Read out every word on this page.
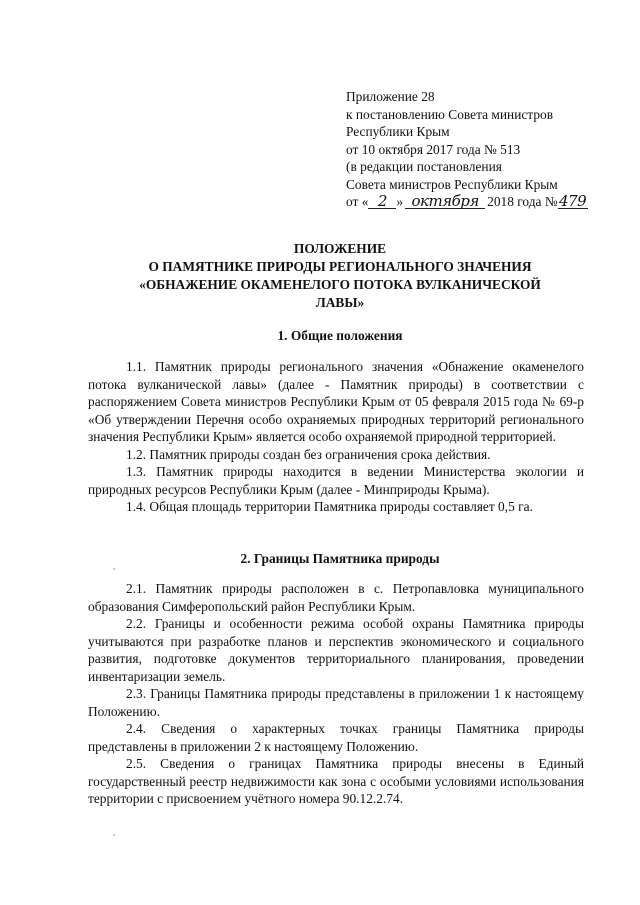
Приложение 28
к постановлению Совета министров
Республики Крым
от 10 октября 2017 года № 513
(в редакции постановления
Совета министров Республики Крым
от « 2 » октября 2018 года № 479
ПОЛОЖЕНИЕ
О ПАМЯТНИКЕ ПРИРОДЫ РЕГИОНАЛЬНОГО ЗНАЧЕНИЯ
«ОБНАЖЕНИЕ ОКАМЕНЕЛОГО ПОТОКА ВУЛКАНИЧЕСКОЙ
ЛАВЫ»
1. Общие положения

1.1. Памятник природы регионального значения «Обнажение окаменелого потока вулканической лавы» (далее - Памятник природы) в соответствии с распоряжением Совета министров Республики Крым от 05 февраля 2015 года № 69-р «Об утверждении Перечня особо охраняемых природных территорий регионального значения Республики Крым» является особо охраняемой природной территорией.

1.2. Памятник природы создан без ограничения срока действия.

1.3. Памятник природы находится в ведении Министерства экологии и природных ресурсов Республики Крым (далее - Минприроды Крыма).

1.4. Общая площадь территории Памятника природы составляет 0,5 га.

2. Границы Памятника природы

2.1. Памятник природы расположен в с. Петропавловка муниципального образования Симферопольский район Республики Крым.

2.2. Границы и особенности режима особой охраны Памятника природы учитываются при разработке планов и перспектив экономического и социального развития, подготовке документов территориального планирования, проведении инвентаризации земель.

2.3. Границы Памятника природы представлены в приложении 1 к настоящему Положению.

2.4. Сведения о характерных точках границы Памятника природы представлены в приложении 2 к настоящему Положению.

2.5. Сведения о границах Памятника природы внесены в Единый государственный реестр недвижимости как зона с особыми условиями использования территории с присвоением учётного номера 90.12.2.74.
